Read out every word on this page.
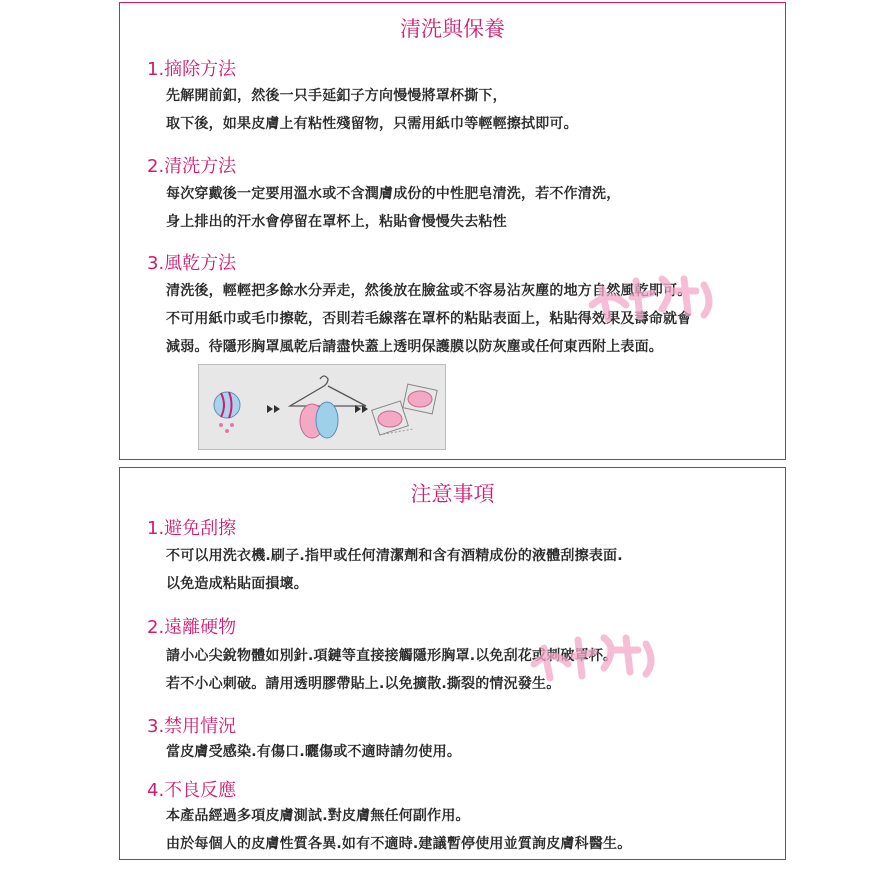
清洗與保養
1.摘除方法
先解開前釦，然後一只手延釦子方向慢慢將罩杯撕下，
取下後，如果皮膚上有粘性殘留物，只需用紙巾等輕輕擦拭即可。
2.清洗方法
每次穿戴後一定要用溫水或不含潤膚成份的中性肥皂清洗，若不作清洗，
身上排出的汗水會停留在罩杯上，粘貼會慢慢失去粘性
3.風乾方法
清洗後，輕輕把多餘水分弄走，然後放在臉盆或不容易沾灰塵的地方自然風乾即可。
不可用紙巾或毛巾擦乾，否則若毛線落在罩杯的粘貼表面上，粘貼得效果及壽命就會
減弱。待隱形胸罩風乾后請盡快蓋上透明保護膜以防灰塵或任何東西附上表面。
注意事項
1.避免刮擦
不可以用洗衣機.刷子.指甲或任何清潔劑和含有酒精成份的液體刮擦表面.
以免造成粘貼面損壞。
2.遠離硬物
請小心尖銳物體如別針.項鏈等直接接觸隱形胸罩.以免刮花或刺破罩杯。
若不小心刺破。請用透明膠帶貼上.以免擴散.撕裂的情況發生。
3.禁用情況
當皮膚受感染.有傷口.曬傷或不適時請勿使用。
4.不良反應
本產品經過多項皮膚測試.對皮膚無任何副作用。
由於每個人的皮膚性質各異.如有不適時.建議暫停使用並質詢皮膚科醫生。
